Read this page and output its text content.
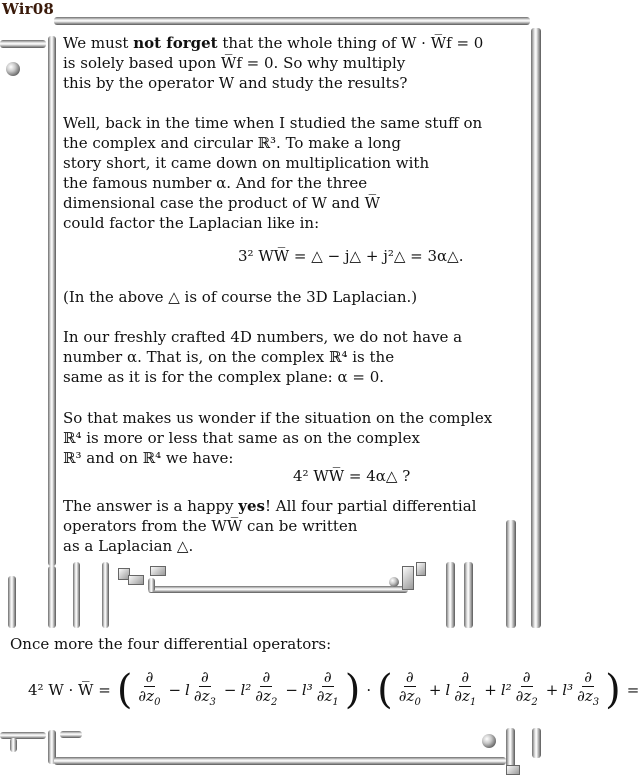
Wir08
We must not forget that the whole thing of W · W̅f = 0
is solely based upon W̅f = 0. So why multiply
this by the operator W and study the results?
Well, back in the time when I studied the same stuff on
the complex and circular ℝ³. To make a long
story short, it came down on multiplication with
the famous number α. And for the three
dimensional case the product of W and W̅
could factor the Laplacian like in:
3² WW̅ = △ − j△ + j²△ = 3α△.
(In the above △ is of course the 3D Laplacian.)
In our freshly crafted 4D numbers, we do not have a
number α. That is, on the complex ℝ⁴ is the
same as it is for the complex plane: α = 0.
So that makes us wonder if the situation on the complex
ℝ⁴ is more or less that same as on the complex
ℝ³ and on ℝ⁴ we have:
4² WW̅ = 4α△ ?
The answer is a happy yes! All four partial differential
operators from the WW̅ can be written
as a Laplacian △.
Once more the four differential operators:
4² W · W̅ = ( $\frac{\partial}{\partial z_0} - l \frac{\partial}{\partial z_3} - l^2 \frac{\partial}{\partial z_2} - l^3 \frac{\partial}{\partial z_1}$ ) · ( $\frac{\partial}{\partial z_0} + l \frac{\partial}{\partial z_1} + l^2 \frac{\partial}{\partial z_2} + l^3 \frac{\partial}{\partial z_3}$ ) =
